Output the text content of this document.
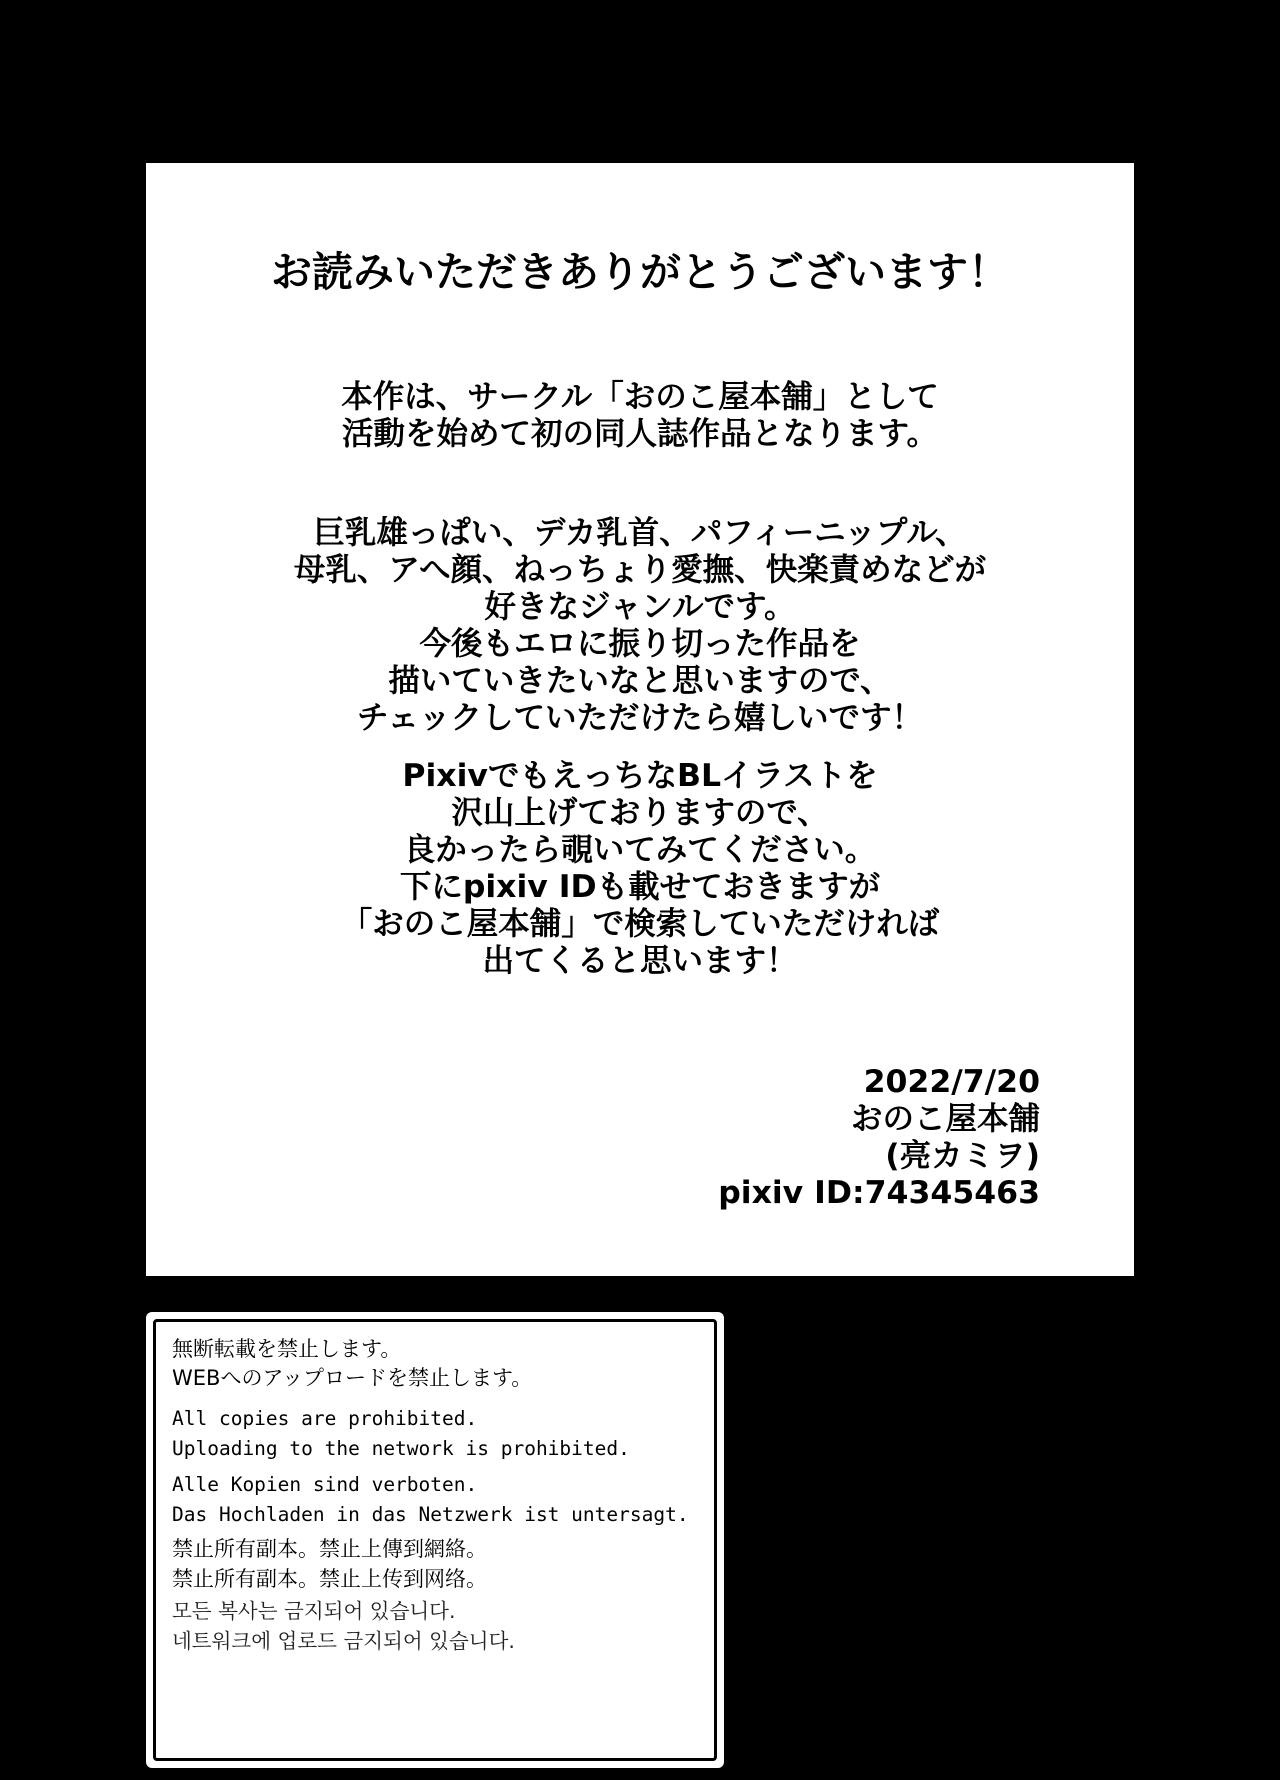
お読みいただきありがとうございます！
本作は、サークル「おのこ屋本舗」として
活動を始めて初の同人誌作品となります。
巨乳雄っぱい、デカ乳首、パフィーニップル、
母乳、アへ顔、ねっちょり愛撫、快楽責めなどが
好きなジャンルです。
今後もエロに振り切った作品を
描いていきたいなと思いますので、
チェックしていただけたら嬉しいです！
PixivでもえっちなBLイラストを
沢山上げておりますので、
良かったら覗いてみてください。
下にpixiv IDも載せておきますが
「おのこ屋本舗」で検索していただければ
出てくると思います！
2022/7/20
おのこ屋本舗
(亮カミヲ)
pixiv ID:74345463
無断転載を禁止します。
WEBへのアップロードを禁止します。
All copies are prohibited.
Uploading to the network is prohibited.
Alle Kopien sind verboten.
Das Hochladen in das Netzwerk ist untersagt.
禁止所有副本。禁止上傳到網絡。
禁止所有副本。禁止上传到网络。
모든 복사는 금지되어 있습니다.
네트워크에 업로드 금지되어 있습니다.
